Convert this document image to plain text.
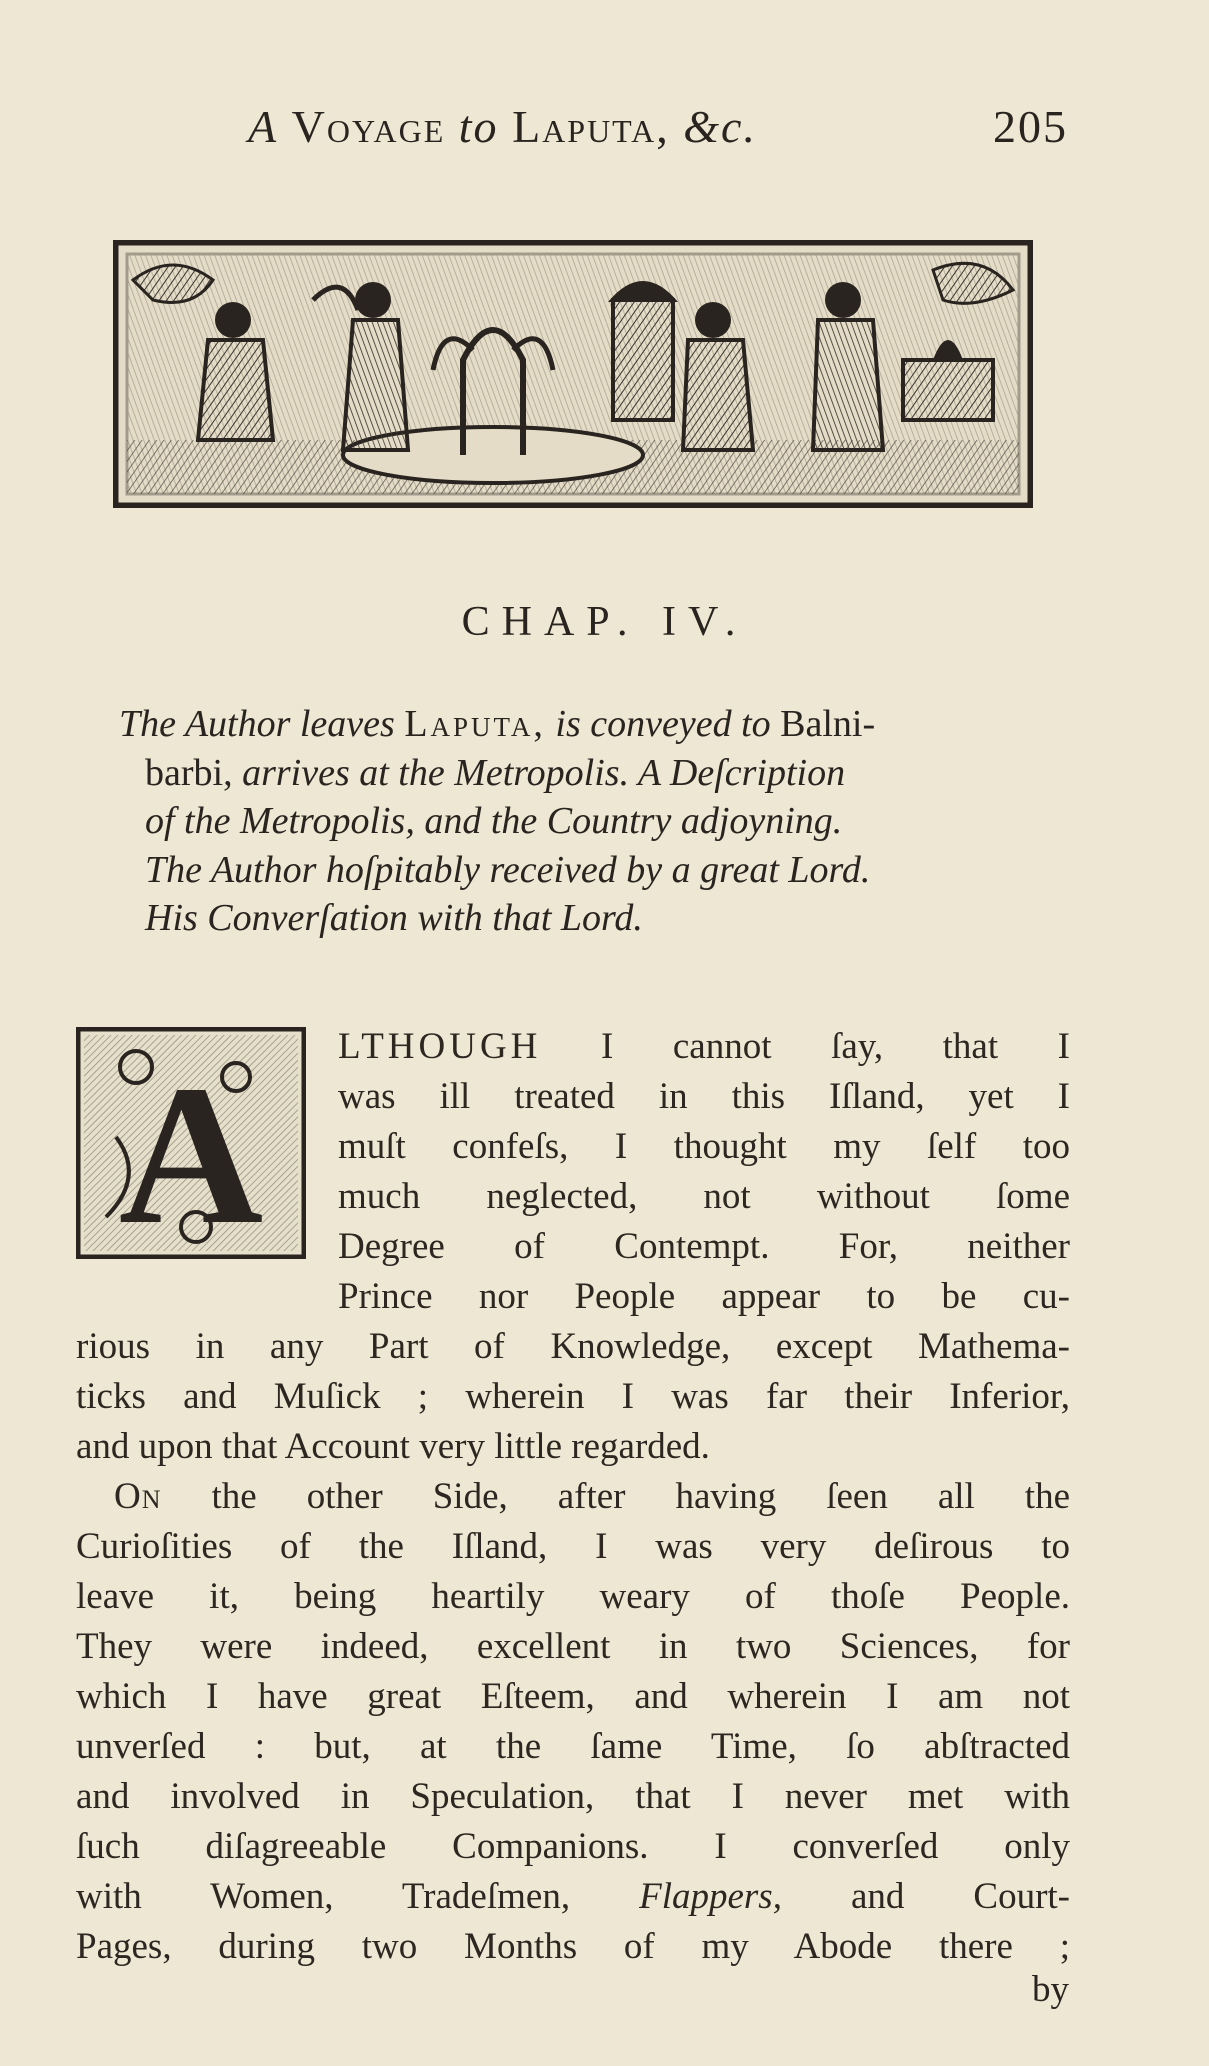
A Voyage to Laputa, &c.	205
CHAP. IV.
The Author leaves Laputa, is conveyed to Balni-
barbi, arrives at the Metropolis. A Deſcription
of the Metropolis, and the Country adjoyning.
The Author hoſpitably received by a great Lord.
His Converſation with that Lord.
A LTHOUGH I cannot ſay, that I
was ill treated in this Iſland, yet I
muſt confeſs, I thought my ſelf too
much neglected, not without ſome
Degree of Contempt. For, neither
Prince nor People appear to be cu-
rious in any Part of Knowledge, except Mathema-
ticks and Muſick ; wherein I was far their Inferior,
and upon that Account very little regarded.
On the other Side, after having ſeen all the
Curioſities of the Iſland, I was very deſirous to
leave it, being heartily weary of thoſe People.
They were indeed, excellent in two Sciences, for
which I have great Eſteem, and wherein I am not
unverſed : but, at the ſame Time, ſo abſtracted
and involved in Speculation, that I never met with
ſuch diſagreeable Companions. I converſed only
with Women, Tradeſmen, Flappers, and Court-
Pages, during two Months of my Abode there ;
by
